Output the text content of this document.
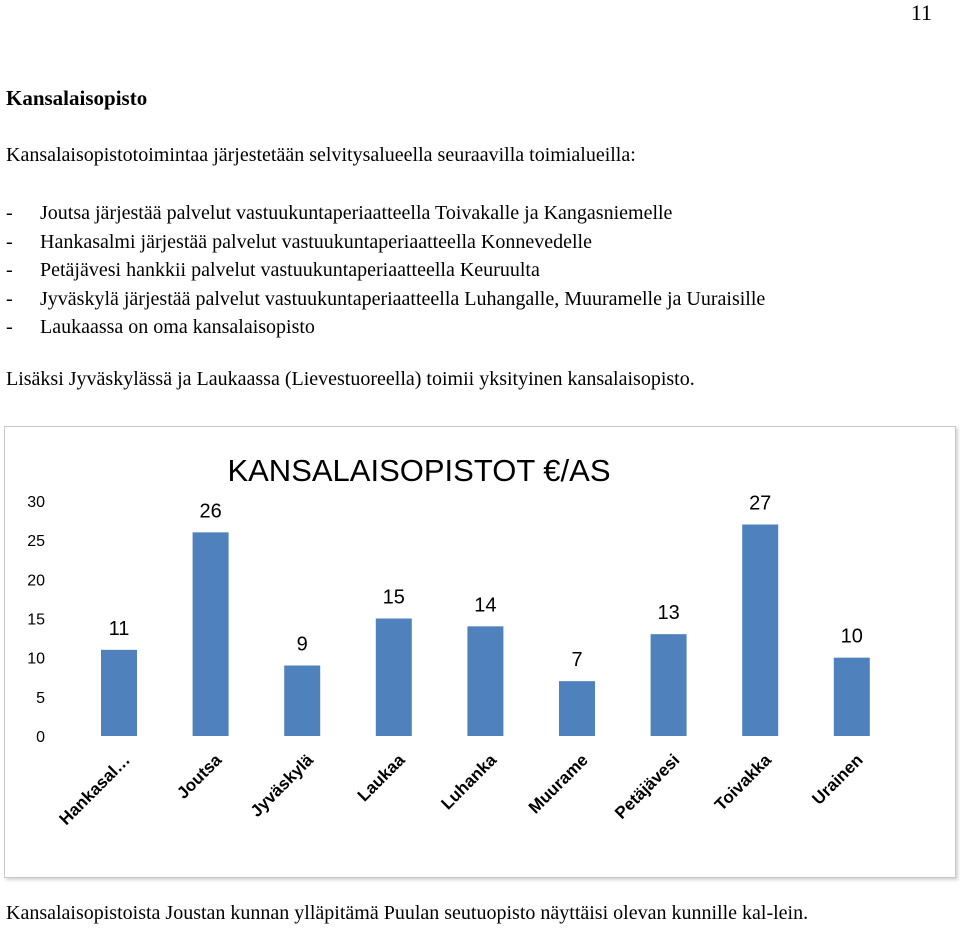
11
Kansalaisopisto

Kansalaisopistotoimintaa järjestetään selvitysalueella seuraavilla toimialueilla:

- Joutsa järjestää palvelut vastuukuntaperiaatteella Toivakalle ja Kangasniemelle
- Hankasalmi järjestää palvelut vastuukuntaperiaatteella Konnevedelle
- Petäjävesi hankkii palvelut vastuukuntaperiaatteella Keuruulta
- Jyväskylä järjestää palvelut vastuukuntaperiaatteella Luhangalle, Muuramelle ja Uuraisille
- Laukaassa on oma kansalaisopisto

Lisäksi Jyväskylässä ja Laukaassa (Lievestuoreella) toimii yksityinen kansalaisopisto.

KANSALAISOPISTOT €/AS
0
5
10
15
20
25
30
11
Hankasal…
26
Joutsa
9
Jyväskylä
15
Laukaa
14
Luhanka
7
Muurame
13
Petäjävesi
27
Toivakka
10
Urainen

Kansalaisopistoista Joustan kunnan ylläpitämä Puulan seutuopisto näyttäisi olevan kunnille kal-lein.
